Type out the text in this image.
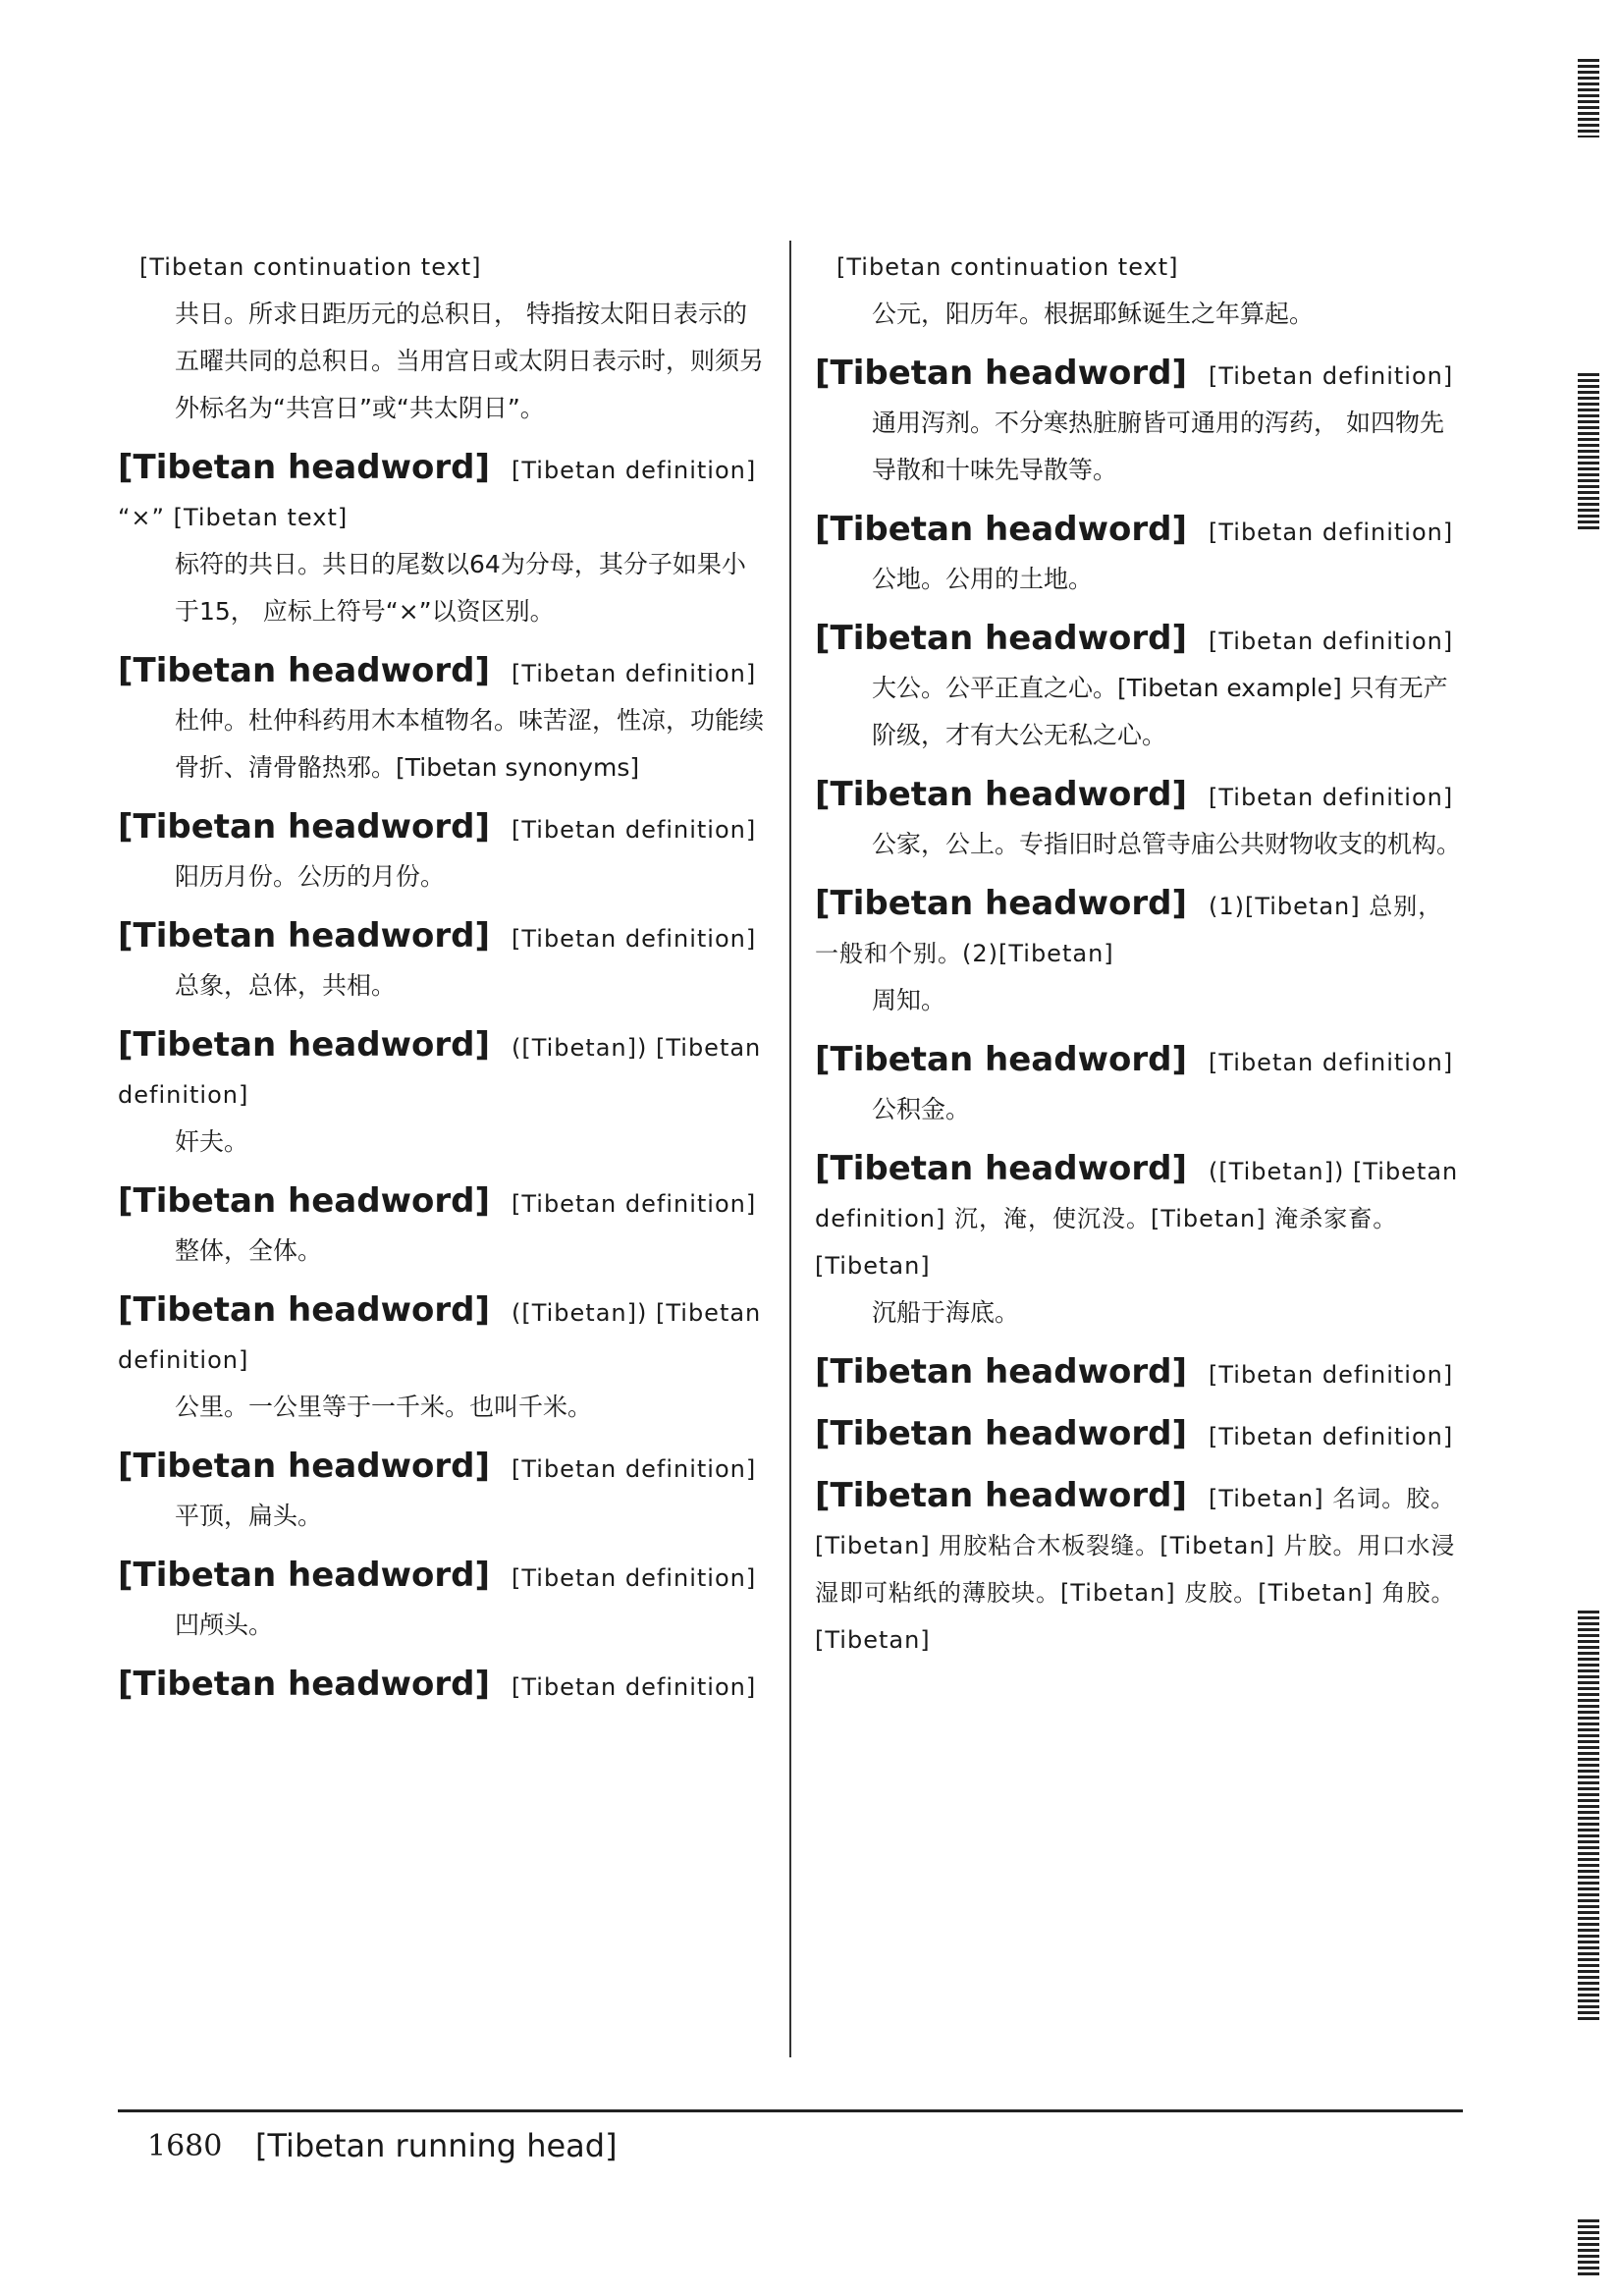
[Tibetan continuation text]
共日。所求日距历元的总积日， 特指按太阳日表示的五曜共同的总积日。当用宫日或太阴日表示时，则须另外标名为“共宫日”或“共太阴日”。
[Tibetan headword] [Tibetan definition] “×” [Tibetan text]
标符的共日。共日的尾数以64为分母，其分子如果小于15， 应标上符号“×”以资区别。
[Tibetan headword] [Tibetan definition]
杜仲。杜仲科药用木本植物名。味苦涩，性凉，功能续骨折、清骨骼热邪。[Tibetan synonyms]
[Tibetan headword] [Tibetan definition]
阳历月份。公历的月份。
[Tibetan headword] [Tibetan definition]
总象，总体，共相。
[Tibetan headword] ([Tibetan]) [Tibetan definition]
奸夫。
[Tibetan headword] [Tibetan definition]
整体，全体。
[Tibetan headword] ([Tibetan]) [Tibetan definition]
公里。一公里等于一千米。也叫千米。
[Tibetan headword] [Tibetan definition]
平顶，扁头。
[Tibetan headword] [Tibetan definition]
凹颅头。
[Tibetan headword] [Tibetan definition]
[Tibetan continuation text]
公元，阳历年。根据耶稣诞生之年算起。
[Tibetan headword] [Tibetan definition]
通用泻剂。不分寒热脏腑皆可通用的泻药， 如四物先导散和十味先导散等。
[Tibetan headword] [Tibetan definition]
公地。公用的土地。
[Tibetan headword] [Tibetan definition]
大公。公平正直之心。[Tibetan example] 只有无产阶级，才有大公无私之心。
[Tibetan headword] [Tibetan definition]
公家，公上。专指旧时总管寺庙公共财物收支的机构。
[Tibetan headword] (1)[Tibetan] 总别，一般和个别。(2)[Tibetan]
周知。
[Tibetan headword] [Tibetan definition]
公积金。
[Tibetan headword] ([Tibetan]) [Tibetan definition] 沉，淹，使沉没。[Tibetan] 淹杀家畜。[Tibetan]
沉船于海底。
[Tibetan headword] [Tibetan definition]
[Tibetan headword] [Tibetan definition]
[Tibetan headword] [Tibetan] 名词。胶。[Tibetan] 用胶粘合木板裂缝。[Tibetan] 片胶。用口水浸湿即可粘纸的薄胶块。[Tibetan] 皮胶。[Tibetan] 角胶。[Tibetan]
1680 [Tibetan running head]
